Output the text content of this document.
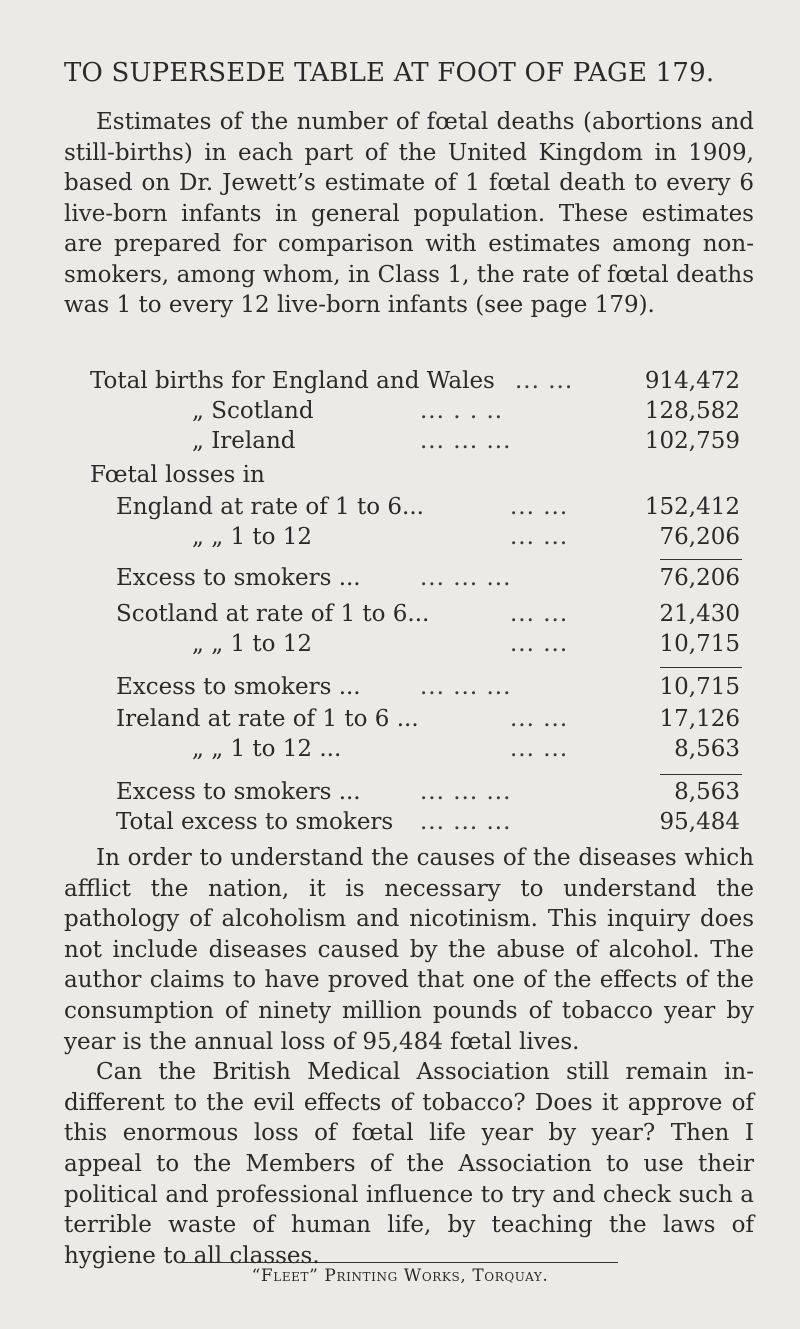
TO SUPERSEDE TABLE AT FOOT OF PAGE 179.
Estimates of the number of fœtal deaths (abortions and still-births) in each part of the United Kingdom in 1909, based on Dr. Jewett’s estimate of 1 fœtal death to every 6 live-born infants in general population. These estimates are prepared for comparison with estimates among non-smokers, among whom, in Class 1, the rate of fœtal deaths was 1 to every 12 live-born infants (see page 179).
Total births for England and Wales ... ...	914,472
„ Scotland	... . . ..	128,582
„ Ireland	... ... ...	102,759
Fœtal losses in
England at rate of 1 to 6...	... ...	152,412
„ „ 1 to 12	... ...	76,206
Excess to smokers ...	... ... ...	76,206
Scotland at rate of 1 to 6...	... ...	21,430
„ „ 1 to 12	... ...	10,715
Excess to smokers ...	... ... ...	10,715
Ireland at rate of 1 to 6 ...	... ...	17,126
„ „ 1 to 12 ...	... ...	8,563
Excess to smokers ...	... ... ...	8,563
Total excess to smokers ... ... ...	95,484

In order to understand the causes of the diseases which afflict the nation, it is necessary to understand the pathology of alcoholism and nicotinism. This inquiry does not include diseases caused by the abuse of alcohol. The author claims to have proved that one of the effects of the consumption of ninety million pounds of tobacco year by year is the annual loss of 95,484 fœtal lives.

Can the British Medical Association still remain in-different to the evil effects of tobacco? Does it approve of this enormous loss of fœtal life year by year? Then I appeal to the Members of the Association to use their political and professional influence to try and check such a terrible waste of human life, by teaching the laws of hygiene to all classes.

“Fleet” Printing Works, Torquay.
